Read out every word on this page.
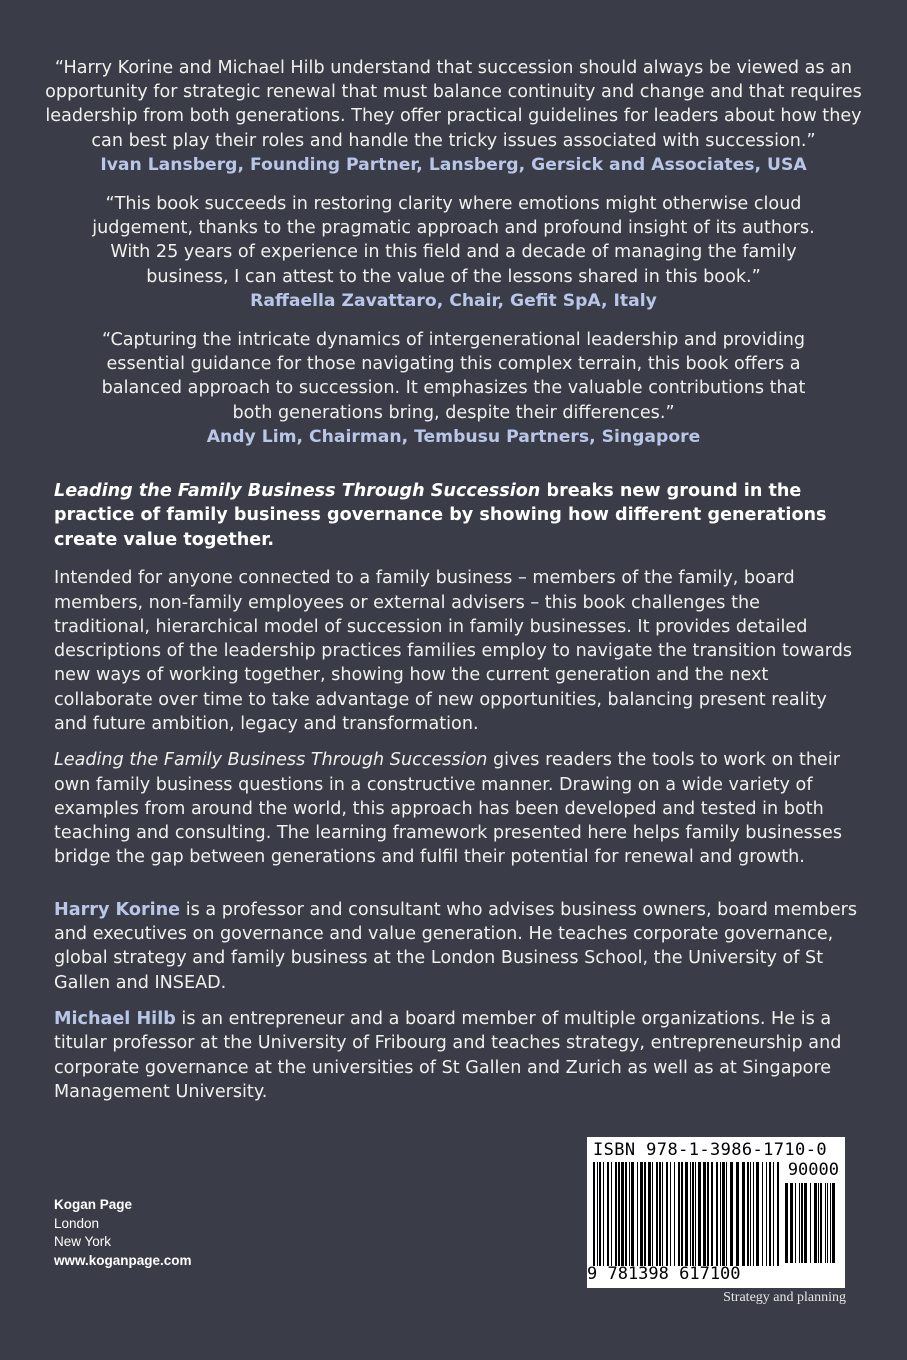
“Harry Korine and Michael Hilb understand that succession should always be viewed as an opportunity for strategic renewal that must balance continuity and change and that requires leadership from both generations. They offer practical guidelines for leaders about how they can best play their roles and handle the tricky issues associated with succession.”
Ivan Lansberg, Founding Partner, Lansberg, Gersick and Associates, USA
“This book succeeds in restoring clarity where emotions might otherwise cloud judgement, thanks to the pragmatic approach and profound insight of its authors. With 25 years of experience in this field and a decade of managing the family business, I can attest to the value of the lessons shared in this book.”
Raffaella Zavattaro, Chair, Gefit SpA, Italy
“Capturing the intricate dynamics of intergenerational leadership and providing essential guidance for those navigating this complex terrain, this book offers a balanced approach to succession. It emphasizes the valuable contributions that both generations bring, despite their differences.”
Andy Lim, Chairman, Tembusu Partners, Singapore

Leading the Family Business Through Succession breaks new ground in the practice of family business governance by showing how different generations create value together.

Intended for anyone connected to a family business – members of the family, board members, non-family employees or external advisers – this book challenges the traditional, hierarchical model of succession in family businesses. It provides detailed descriptions of the leadership practices families employ to navigate the transition towards new ways of working together, showing how the current generation and the next collaborate over time to take advantage of new opportunities, balancing present reality and future ambition, legacy and transformation.

Leading the Family Business Through Succession gives readers the tools to work on their own family business questions in a constructive manner. Drawing on a wide variety of examples from around the world, this approach has been developed and tested in both teaching and consulting. The learning framework presented here helps family businesses bridge the gap between generations and fulfil their potential for renewal and growth.

Harry Korine is a professor and consultant who advises business owners, board members and executives on governance and value generation. He teaches corporate governance, global strategy and family business at the London Business School, the University of St Gallen and INSEAD.

Michael Hilb is an entrepreneur and a board member of multiple organizations. He is a titular professor at the University of Fribourg and teaches strategy, entrepreneurship and corporate governance at the universities of St Gallen and Zurich as well as at Singapore Management University.

Kogan Page
London
New York
www.koganpage.com
ISBN 978-1-3986-1710-0
90000
9 781398 617100
Strategy and planning
